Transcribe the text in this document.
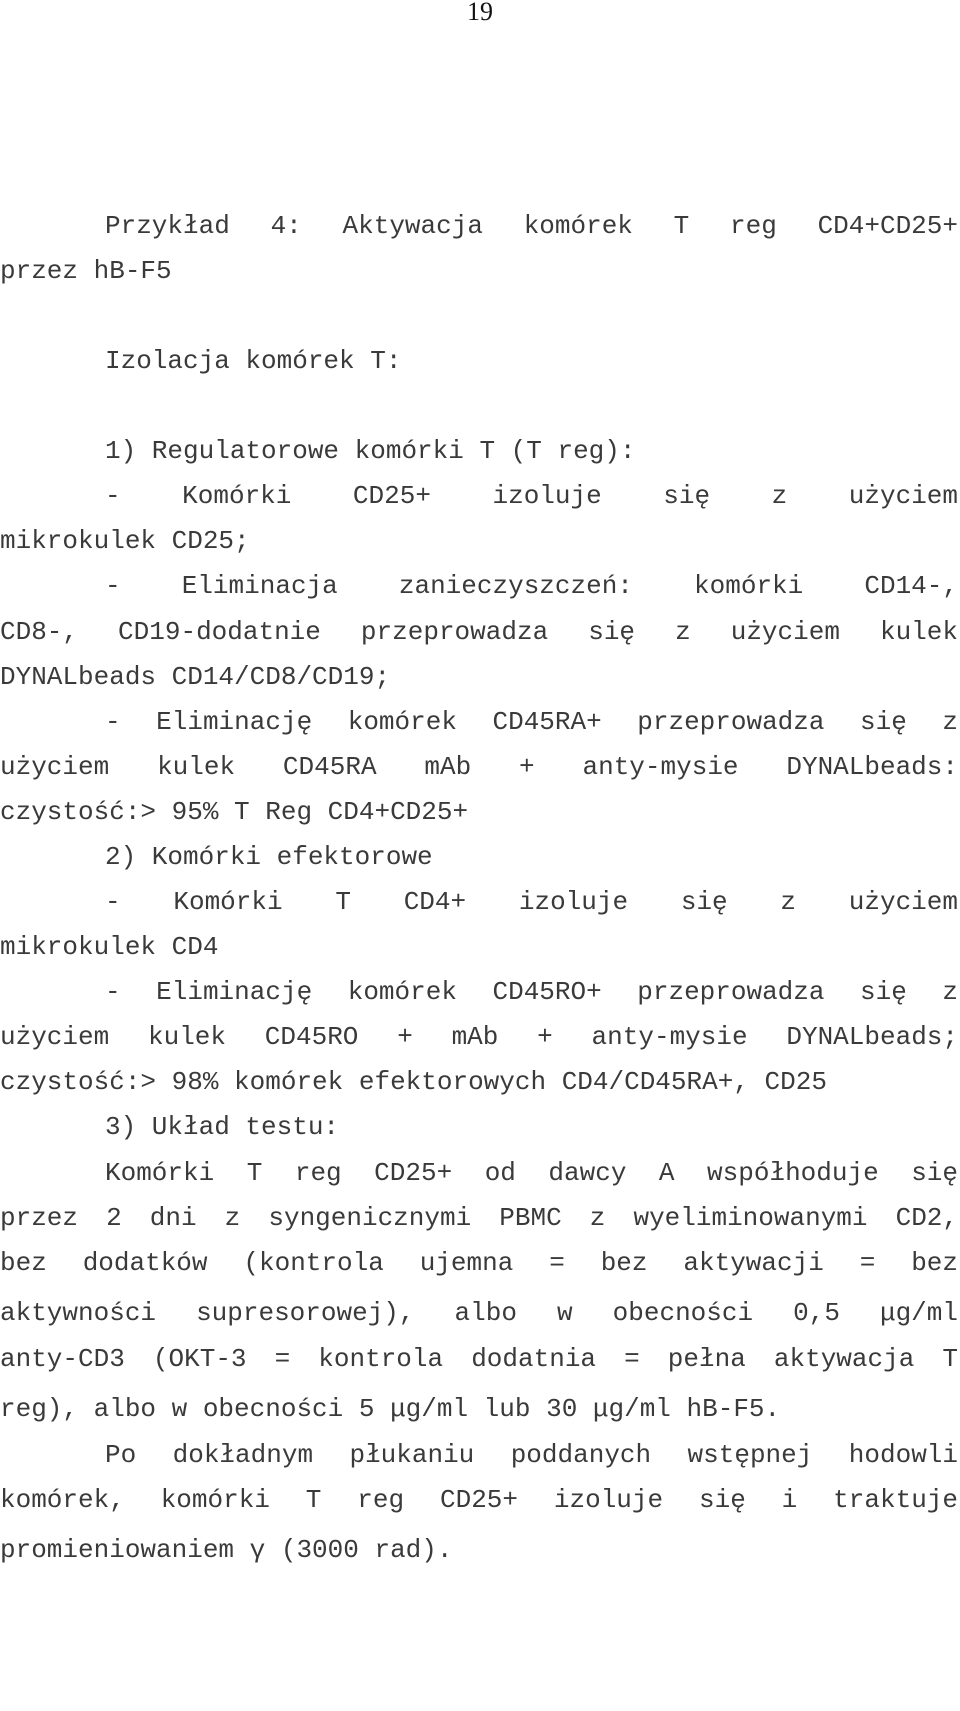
19
Przykład 4: Aktywacja komórek T reg CD4+CD25+
przez hB-F5
Izolacja komórek T:
1) Regulatorowe komórki T (T reg):
- Komórki CD25+ izoluje się z użyciem
mikrokulek CD25;
- Eliminacja zanieczyszczeń: komórki CD14-,
CD8-, CD19-dodatnie przeprowadza się z użyciem kulek
DYNALbeads CD14/CD8/CD19;
- Eliminację komórek CD45RA+ przeprowadza się z
użyciem kulek CD45RA mAb + anty-mysie DYNALbeads:
czystość:> 95% T Reg CD4+CD25+
2) Komórki efektorowe
- Komórki T CD4+ izoluje się z użyciem
mikrokulek CD4
- Eliminację komórek CD45RO+ przeprowadza się z
użyciem kulek CD45RO + mAb + anty-mysie DYNALbeads;
czystość:> 98% komórek efektorowych CD4/CD45RA+, CD25
3) Układ testu:
Komórki T reg CD25+ od dawcy A współhoduje się
przez 2 dni z syngenicznymi PBMC z wyeliminowanymi CD2,
bez dodatków (kontrola ujemna = bez aktywacji = bez
aktywności supresorowej), albo w obecności 0,5 μg/ml
anty-CD3 (OKT-3 = kontrola dodatnia = pełna aktywacja T
reg), albo w obecności 5 μg/ml lub 30 μg/ml hB-F5.
Po dokładnym płukaniu poddanych wstępnej hodowli
komórek, komórki T reg CD25+ izoluje się i traktuje
promieniowaniem γ (3000 rad).
